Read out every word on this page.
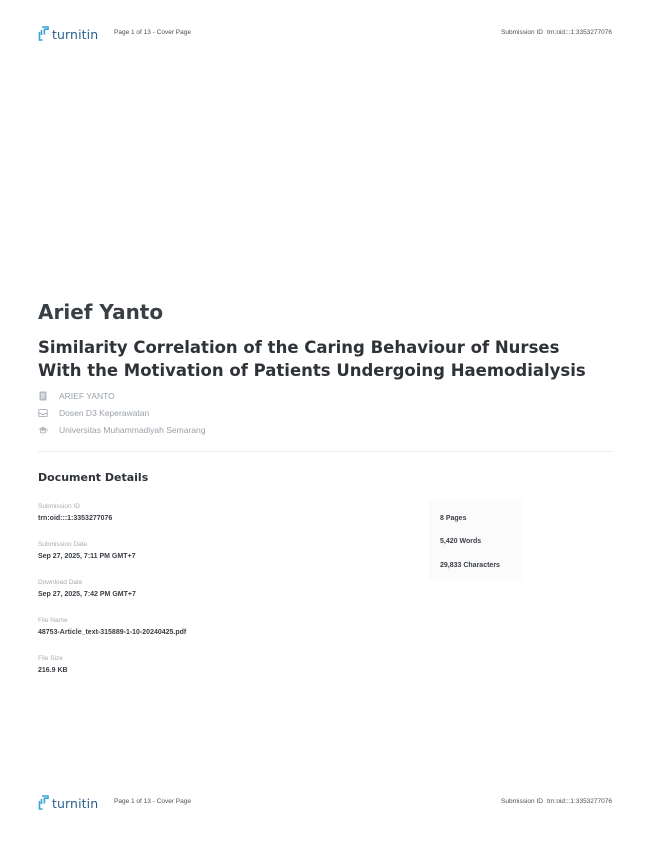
turnitin Page 1 of 13 - Cover Page	Submission ID trn:oid:::1:3353277076
Arief Yanto
Similarity Correlation of the Caring Behaviour of Nurses With the Motivation of Patients Undergoing Haemodialysis
ARIEF YANTO
Dosen D3 Keperawatan
Universitas Muhammadiyah Semarang
Document Details
Submission ID
trn:oid:::1:3353277076
Submission Date
Sep 27, 2025, 7:11 PM GMT+7
Download Date
Sep 27, 2025, 7:42 PM GMT+7
File Name
48753-Article_text-315889-1-10-20240425.pdf
File Size
216.9 KB
8 Pages
5,420 Words
29,833 Characters
turnitin Page 1 of 13 - Cover Page	Submission ID trn:oid:::1:3353277076
